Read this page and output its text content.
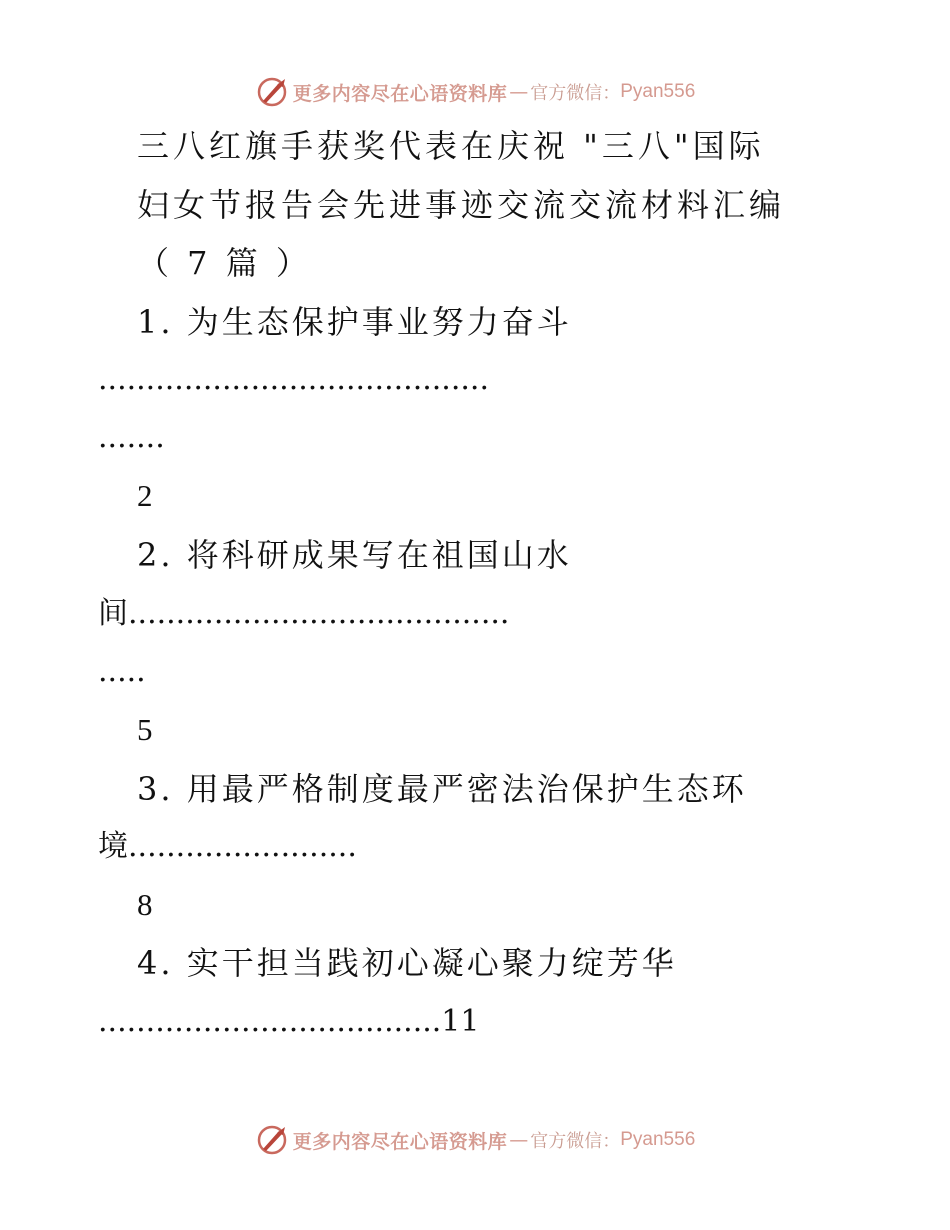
更多内容尽在心语资料库 — 官方微信： Pyan556
三八红旗手获奖代表在庆祝 "三八"国际
妇女节报告会先进事迹交流交流材料汇编
（ 7 篇 ）
1. 为生态保护事业努力奋斗
.........................................
.......
2
2. 将科研成果写在祖国山水
间........................................
.....
5
3. 用最严格制度最严密法治保护生态环
境........................
8
4. 实干担当践初心凝心聚力绽芳华
....................................11
更多内容尽在心语资料库 — 官方微信： Pyan556
